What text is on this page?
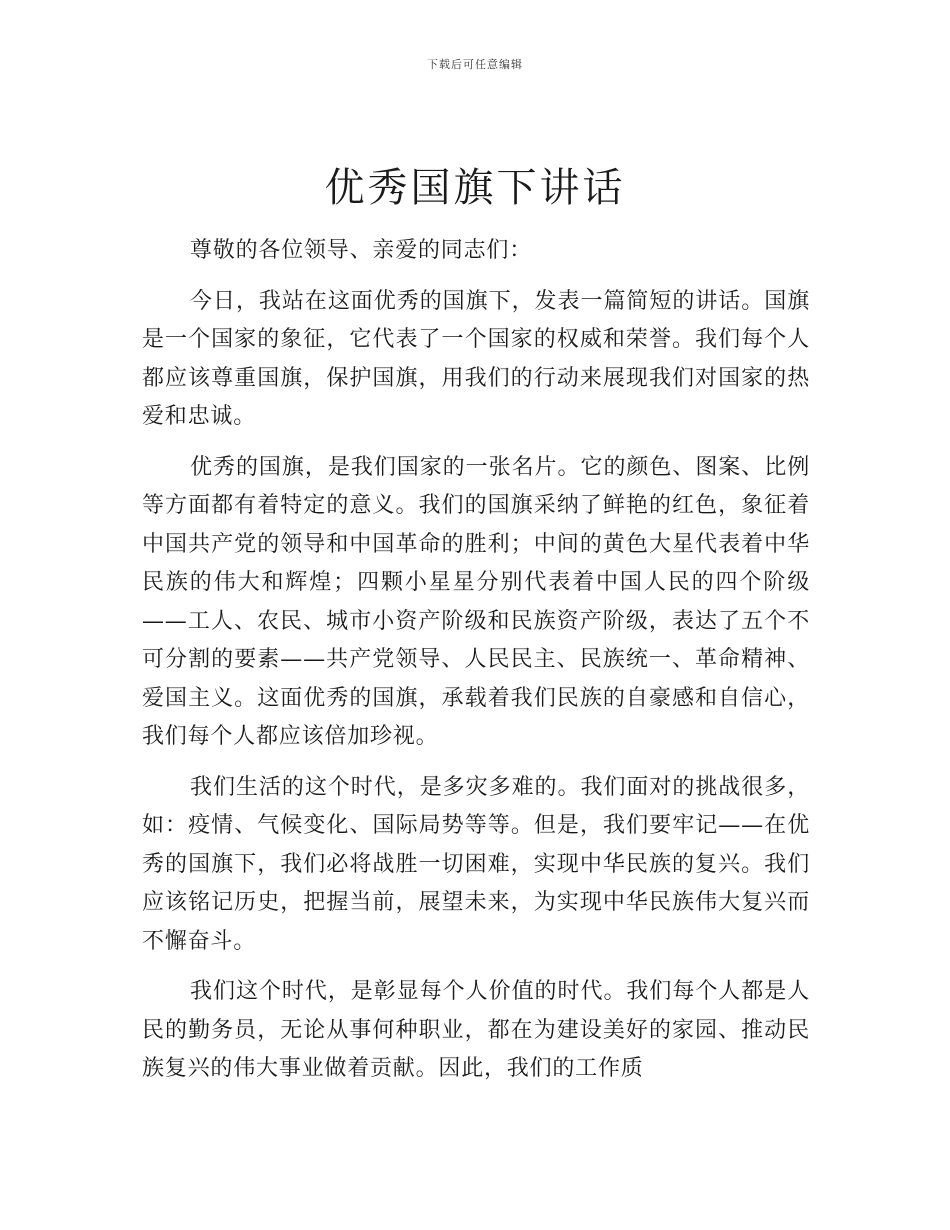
下载后可任意编辑
优秀国旗下讲话

尊敬的各位领导、亲爱的同志们：

今日，我站在这面优秀的国旗下，发表一篇简短的讲话。国旗是一个国家的象征，它代表了一个国家的权威和荣誉。我们每个人都应该尊重国旗，保护国旗，用我们的行动来展现我们对国家的热爱和忠诚。

优秀的国旗，是我们国家的一张名片。它的颜色、图案、比例等方面都有着特定的意义。我们的国旗采纳了鲜艳的红色，象征着中国共产党的领导和中国革命的胜利；中间的黄色大星代表着中华民族的伟大和辉煌；四颗小星星分别代表着中国人民的四个阶级——工人、农民、城市小资产阶级和民族资产阶级，表达了五个不可分割的要素——共产党领导、人民民主、民族统一、革命精神、爱国主义。这面优秀的国旗，承载着我们民族的自豪感和自信心，我们每个人都应该倍加珍视。

我们生活的这个时代，是多灾多难的。我们面对的挑战很多，如：疫情、气候变化、国际局势等等。但是，我们要牢记——在优秀的国旗下，我们必将战胜一切困难，实现中华民族的复兴。我们应该铭记历史，把握当前，展望未来，为实现中华民族伟大复兴而不懈奋斗。

我们这个时代，是彰显每个人价值的时代。我们每个人都是人民的勤务员，无论从事何种职业，都在为建设美好的家园、推动民族复兴的伟大事业做着贡献。因此，我们的工作质
